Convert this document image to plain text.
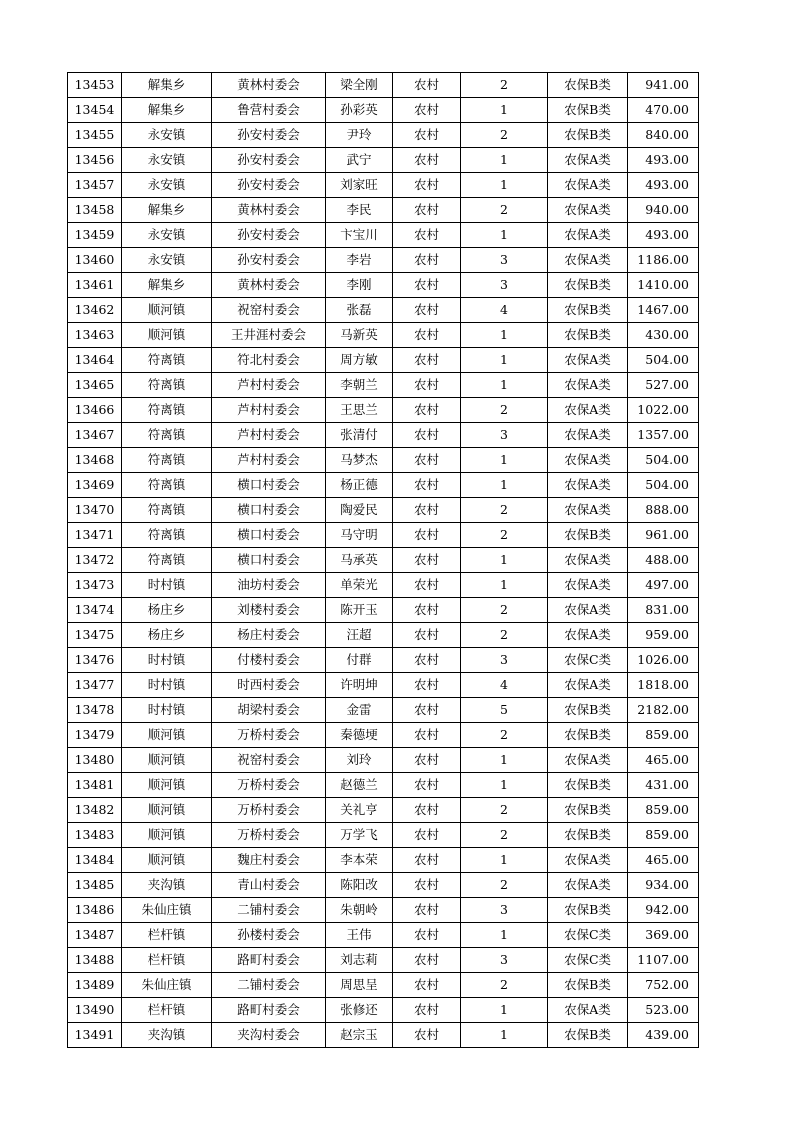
13453	解集乡	黄林村委会	梁全刚	农村	2	农保B类	941.00
13454	解集乡	鲁营村委会	孙彩英	农村	1	农保B类	470.00
13455	永安镇	孙安村委会	尹玲	农村	2	农保B类	840.00
13456	永安镇	孙安村委会	武宁	农村	1	农保A类	493.00
13457	永安镇	孙安村委会	刘家旺	农村	1	农保A类	493.00
13458	解集乡	黄林村委会	李民	农村	2	农保A类	940.00
13459	永安镇	孙安村委会	卞宝川	农村	1	农保A类	493.00
13460	永安镇	孙安村委会	李岩	农村	3	农保A类	1186.00
13461	解集乡	黄林村委会	李刚	农村	3	农保B类	1410.00
13462	顺河镇	祝窑村委会	张磊	农村	4	农保B类	1467.00
13463	顺河镇	王井涯村委会	马新英	农村	1	农保B类	430.00
13464	符离镇	符北村委会	周方敏	农村	1	农保A类	504.00
13465	符离镇	芦村村委会	李朝兰	农村	1	农保A类	527.00
13466	符离镇	芦村村委会	王思兰	农村	2	农保A类	1022.00
13467	符离镇	芦村村委会	张清付	农村	3	农保A类	1357.00
13468	符离镇	芦村村委会	马梦杰	农村	1	农保A类	504.00
13469	符离镇	横口村委会	杨正德	农村	1	农保A类	504.00
13470	符离镇	横口村委会	陶爱民	农村	2	农保A类	888.00
13471	符离镇	横口村委会	马守明	农村	2	农保B类	961.00
13472	符离镇	横口村委会	马承英	农村	1	农保A类	488.00
13473	时村镇	油坊村委会	单荣光	农村	1	农保A类	497.00
13474	杨庄乡	刘楼村委会	陈开玉	农村	2	农保A类	831.00
13475	杨庄乡	杨庄村委会	汪超	农村	2	农保A类	959.00
13476	时村镇	付楼村委会	付群	农村	3	农保C类	1026.00
13477	时村镇	时西村委会	许明坤	农村	4	农保A类	1818.00
13478	时村镇	胡梁村委会	金雷	农村	5	农保B类	2182.00
13479	顺河镇	万桥村委会	秦德埂	农村	2	农保B类	859.00
13480	顺河镇	祝窑村委会	刘玲	农村	1	农保A类	465.00
13481	顺河镇	万桥村委会	赵德兰	农村	1	农保B类	431.00
13482	顺河镇	万桥村委会	关礼亨	农村	2	农保B类	859.00
13483	顺河镇	万桥村委会	万学飞	农村	2	农保B类	859.00
13484	顺河镇	魏庄村委会	李本荣	农村	1	农保A类	465.00
13485	夹沟镇	青山村委会	陈阳改	农村	2	农保A类	934.00
13486	朱仙庄镇	二铺村委会	朱朝岭	农村	3	农保B类	942.00
13487	栏杆镇	孙楼村委会	王伟	农村	1	农保C类	369.00
13488	栏杆镇	路町村委会	刘志莉	农村	3	农保C类	1107.00
13489	朱仙庄镇	二铺村委会	周思呈	农村	2	农保B类	752.00
13490	栏杆镇	路町村委会	张修还	农村	1	农保A类	523.00
13491	夹沟镇	夹沟村委会	赵宗玉	农村	1	农保B类	439.00
